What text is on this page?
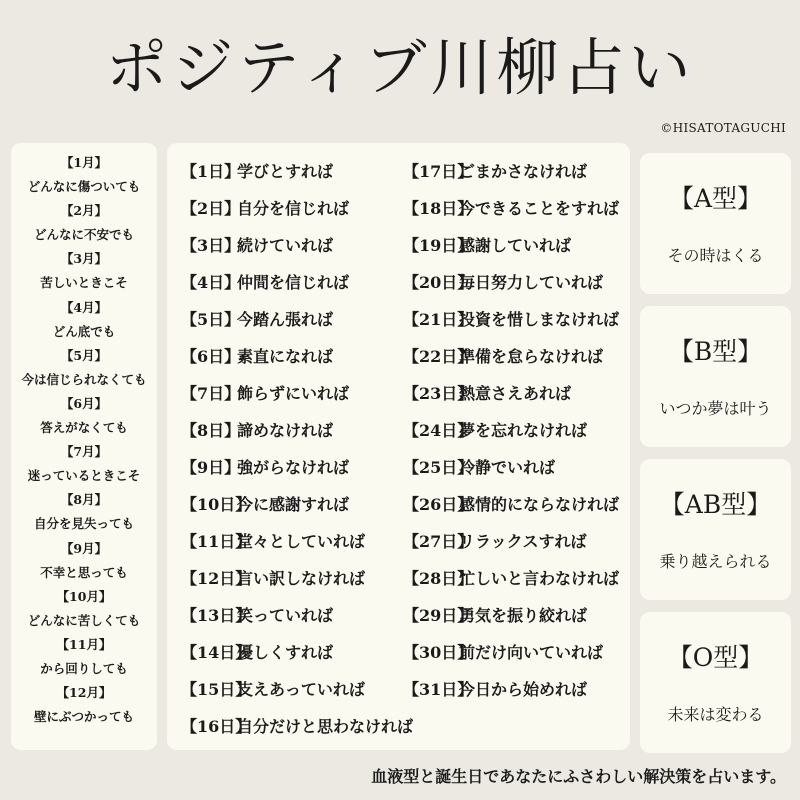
ポジティブ川柳占い
©HISATOTAGUCHI
【1月】
どんなに傷ついても
【2月】
どんなに不安でも
【3月】
苦しいときこそ
【4月】
どん底でも
【5月】
今は信じられなくても
【6月】
答えがなくても
【7月】
迷っているときこそ
【8月】
自分を見失っても
【9月】
不幸と思っても
【10月】
どんなに苦しくても
【11月】
から回りしても
【12月】
壁にぶつかっても
【1日】学びとすれば
【2日】自分を信じれば
【3日】続けていれば
【4日】仲間を信じれば
【5日】今踏ん張れば
【6日】素直になれば
【7日】飾らずにいれば
【8日】諦めなければ
【9日】強がらなければ
【10日】今に感謝すれば
【11日】堂々としていれば
【12日】言い訳しなければ
【13日】笑っていれば
【14日】優しくすれば
【15日】支えあっていれば
【16日】自分だけと思わなければ
【17日】ごまかさなければ
【18日】今できることをすれば
【19日】感謝していれば
【20日】毎日努力していれば
【21日】投資を惜しまなければ
【22日】準備を怠らなければ
【23日】熱意さえあれば
【24日】夢を忘れなければ
【25日】冷静でいれば
【26日】感情的にならなければ
【27日】リラックスすれば
【28日】忙しいと言わなければ
【29日】勇気を振り絞れば
【30日】前だけ向いていれば
【31日】今日から始めれば
【A型】
その時はくる
【B型】
いつか夢は叶う
【AB型】
乗り越えられる
【O型】
未来は変わる
血液型と誕生日であなたにふさわしい解決策を占います。
